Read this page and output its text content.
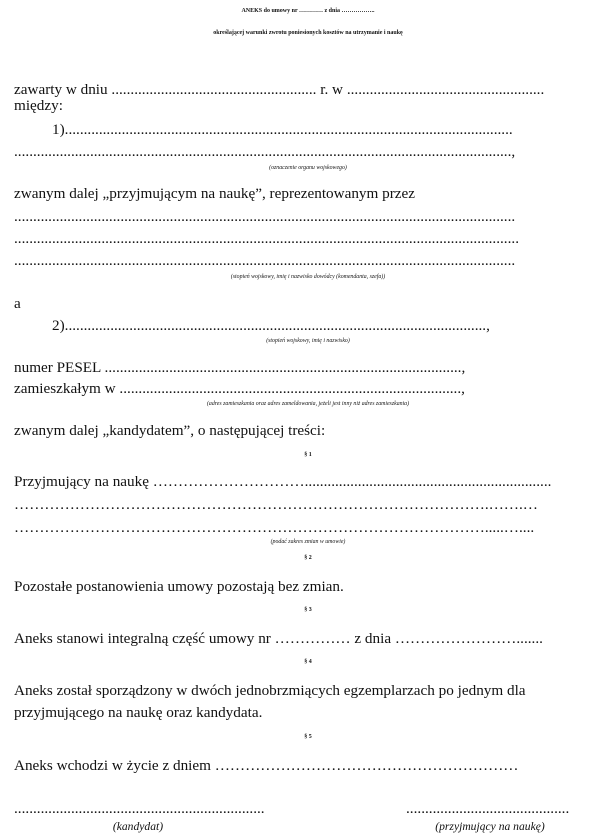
ANEKS do umowy nr ………… z dnia ……………..
określającej warunki zwrotu poniesionych kosztów na utrzymanie i naukę
zawarty w dniu ...................................................... r. w ....................................................
między:
1)......................................................................................................................
...................................................................................................................................,
(oznaczenie organu wojskowego)
zwanym dalej „przyjmującym na naukę”, reprezentowanym przez
....................................................................................................................................
.....................................................................................................................................
....................................................................................................................................
(stopień wojskowy, imię i nazwisko dowódcy (komendanta, szefa))
a
2)...............................................................................................................,
(stopień wojskowy, imię i nazwisko)
numer PESEL ..............................................................................................,
zamieszkałym w ..........................................................................................,
(adres zamieszkania oraz adres zameldowania, jeżeli jest inny niż adres zamieszkania)
zwanym dalej „kandydatem”, o następującej treści:
§ 1
Przyjmujący na naukę ………………………….................................................................
………………………………………………………………………………….…….…
………………………………………………………………………………….....…....
(podać zakres zmian w umowie)
§ 2
Pozostałe postanowienia umowy pozostają bez zmian.
§ 3
Aneks stanowi integralną część umowy nr …………… z dnia …………………….......
§ 4
Aneks został sporządzony w dwóch jednobrzmiących egzemplarzach po jednym dla
przyjmującego na naukę oraz kandydata.
§ 5
Aneks wchodzi w życie z dniem ……………………………………………………
..................................................................
(kandydat)
...........................................
(przyjmujący na naukę)
